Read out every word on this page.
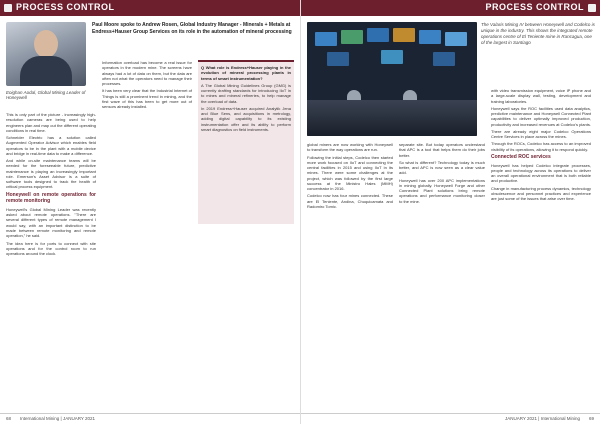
PROCESS CONTROL
Eoighan Aodal, Global Mining Leader of Honeywell
Paul Moore spoke to Andrew Rosen, Global Industry Manager - Minerals + Metals at Endress+Hauser Group Services on its role in the automation of mineral processing

This is only part of the picture - increasingly high-resolution cameras are being used to help engineers plan and map out the different operating conditions in real time.

Schneider Electric has a solution called Augmented Operator Advisor which enables field operators to be in the plant with a mobile device and bridge in real-time data to make a difference.

And while on-site maintenance teams will be needed for the foreseeable future, predictive maintenance is playing an increasingly important role. Emerson's Asset Advisor is a suite of software tools designed to track the health of critical process equipment.

Honeywell on remote operations for remote monitoring

Honeywell's Global Mining Leader was recently asked about remote operations. "There are several different types of remote management I would say, with an important distinction to be made between remote monitoring and remote operation," he said.

The idea here is for ports to connect with site operations and for the control room to run operations around the clock.

Information overload has become a real issue for operators in the modern mine. The screens have always had a lot of data on them, but the data are often not what the operators need to manage their processes.

It has been very clear that the Industrial Internet of Things is still a prominent trend in mining, and the first wave of this has been to get more out of sensors already installed.

Q What role is Endress+Hauser playing in the evolution of mineral processing plants in terms of smart instrumentation?

A The Global Mining Guidelines Group (GMG) is currently drafting standards for introducing IIoT in to mines and mineral refineries, to help manage the overload of data.

In 2019 Endress+Hauser acquired Analytik Jena and Blue Sens, and acquisitions in metrology, adding digital capability to its existing instrumentation offer and its ability to perform smart diagnostics on field instruments.

68 International Mining | JANUARY 2021
PROCESS CONTROL
The Valaris Mining IV between Honeywell and Codelco is unique in the industry. This shows the integrated remote operations centre of El Teniente mine in Rancagua, one of the largest in Santiago

global miners are now working with Honeywell to transform the way operations are run.

Following the initial steps, Codelco then started more work focused on IIoT and connecting the central facilities in 2015 and using IIoT in its mines. There were some challenges at the project, which was followed by the first large success at the Ministro Hales (MMH) concentrator in 2016.

Codelco now has four mines connected. These are El Teniente, Andina, Chuquicamata and Radomiro Tomic.

separate site. But today operators understand that APC is a tool that helps them do their jobs better.

So what is different? Technology today is much better, and APC is now seen as a clear value add.

Honeywell has over 200 APC implementations in mining globally. Honeywell Forge and other Connected Plant solutions bring remote operations and performance monitoring closer to the mine.

with video transmission equipment, voice IP phone and a large-scale display wall, testing, development and training laboratories.

Honeywell says the ROC facilities used data analytics, predictive maintenance and Honeywell Connected Plant capabilities to deliver optimally improved production, productivity and increased revenues at Codelco's plants.

There are already eight major Codelco Operations Centre Services in place across the mines.

Through the ROCs, Codelco has access to an improved visibility of its operations, allowing it to respond quickly.

Connected ROC services

Honeywell has helped Codelco integrate processes, people and technology across its operations to deliver an overall operational environment that is both reliable and productive.

Change in manufacturing process dynamics, technology obsolescence and personnel practices and experience are just some of the issues that arise over time.

JANUARY 2021 | International Mining 69
